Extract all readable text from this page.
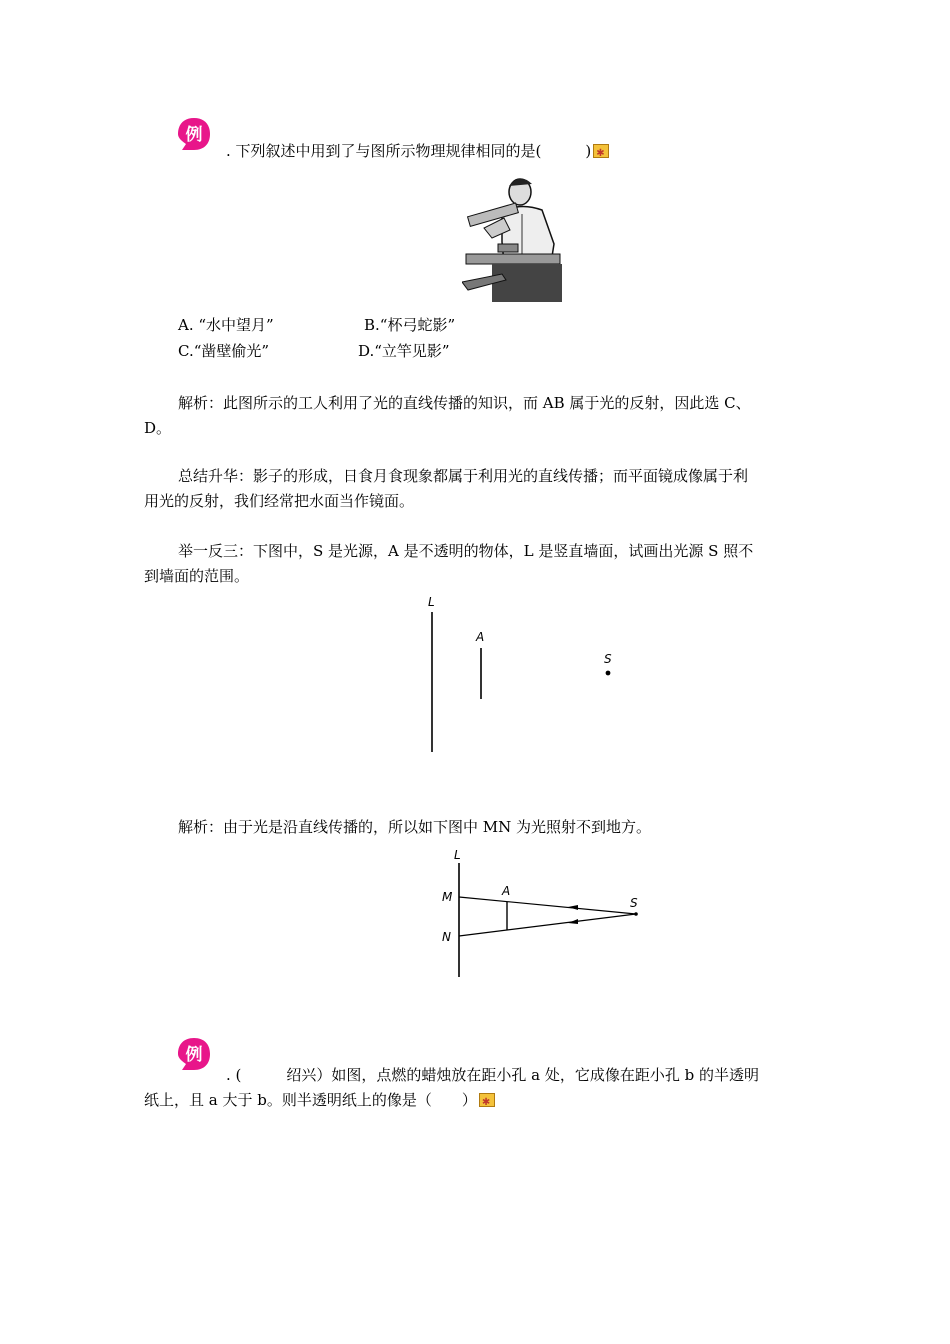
例
. 下列叙述中用到了与图所示物理规律相同的是(	)✱
A. “水中望月”	B.“杯弓蛇影”
C.“凿壁偷光”	D.“立竿见影”
解析：此图所示的工人利用了光的直线传播的知识，而 AB 属于光的反射，因此选 C、
D。
总结升华：影子的形成，日食月食现象都属于利用光的直线传播；而平面镜成像属于利
用光的反射，我们经常把水面当作镜面。
举一反三：下图中，S 是光源，A 是不透明的物体，L 是竖直墙面，试画出光源 S 照不
到墙面的范围。
L
A
S
解析：由于光是沿直线传播的，所以如下图中 MN 为光照射不到地方。
L
M
N
A
S
例
. (　　　绍兴）如图，点燃的蜡烛放在距小孔 a 处，它成像在距小孔 b 的半透明
纸上，且 a 大于 b。则半透明纸上的像是（ ）✱
